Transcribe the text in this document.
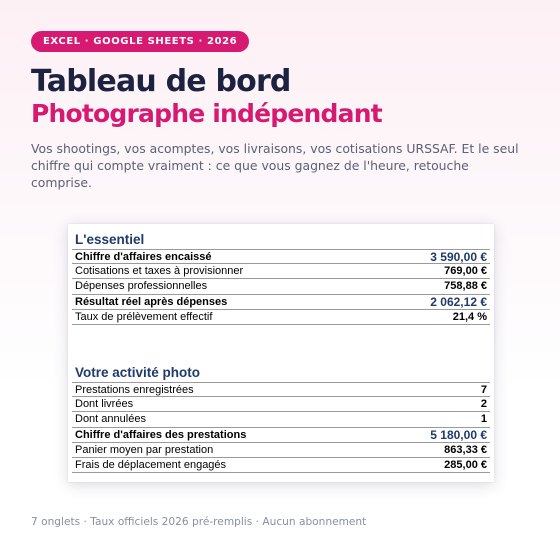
EXCEL · GOOGLE SHEETS · 2026
Tableau de bord
Photographe indépendant

Vos shootings, vos acomptes, vos livraisons, vos cotisations URSSAF. Et le seul chiffre qui compte vraiment : ce que vous gagnez de l'heure, retouche comprise.

L'essentiel
Chiffre d'affaires encaissé	3 590,00 €
Cotisations et taxes à provisionner	769,00 €
Dépenses professionnelles	758,88 €
Résultat réel après dépenses	2 062,12 €
Taux de prélèvement effectif	21,4 %
Votre activité photo
Prestations enregistrées	7
Dont livrées	2
Dont annulées	1
Chiffre d'affaires des prestations	5 180,00 €
Panier moyen par prestation	863,33 €
Frais de déplacement engagés	285,00 €

7 onglets · Taux officiels 2026 pré-remplis · Aucun abonnement
